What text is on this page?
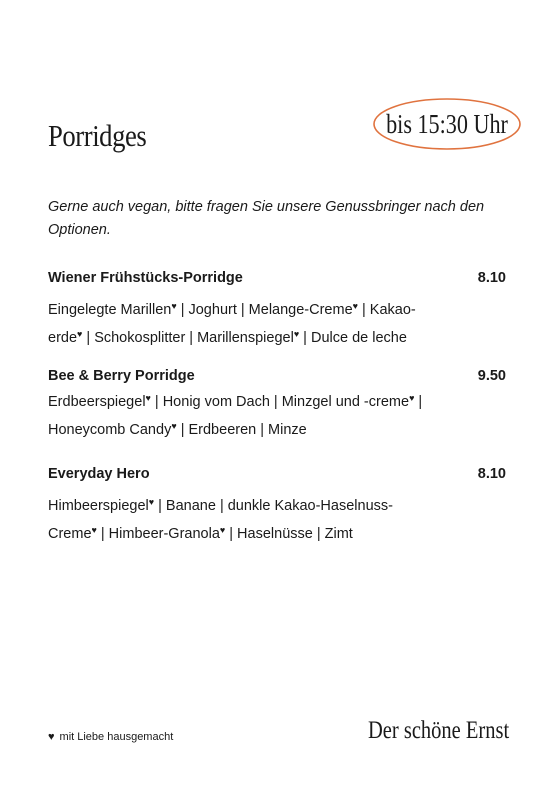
Porridges	bis 15:30 Uhr

Gerne auch vegan, bitte fragen Sie unsere Genussbringer nach den Optionen.

Wiener Frühstücks-Porridge	8.10

Eingelegte Marillen♥ | Joghurt | Melange-Creme♥ | Kakao-
erde♥ | Schokosplitter | Marillenspiegel♥ | Dulce de leche

Bee & Berry Porridge	9.50

Erdbeerspiegel♥ | Honig vom Dach | Minzgel und -creme♥ |
Honeycomb Candy♥ | Erdbeeren | Minze

Everyday Hero	8.10

Himbeerspiegel♥ | Banane | dunkle Kakao-Haselnuss-
Creme♥ | Himbeer-Granola♥ | Haselnüsse | Zimt

♥ mit Liebe hausgemacht	Der schöne Ernst
